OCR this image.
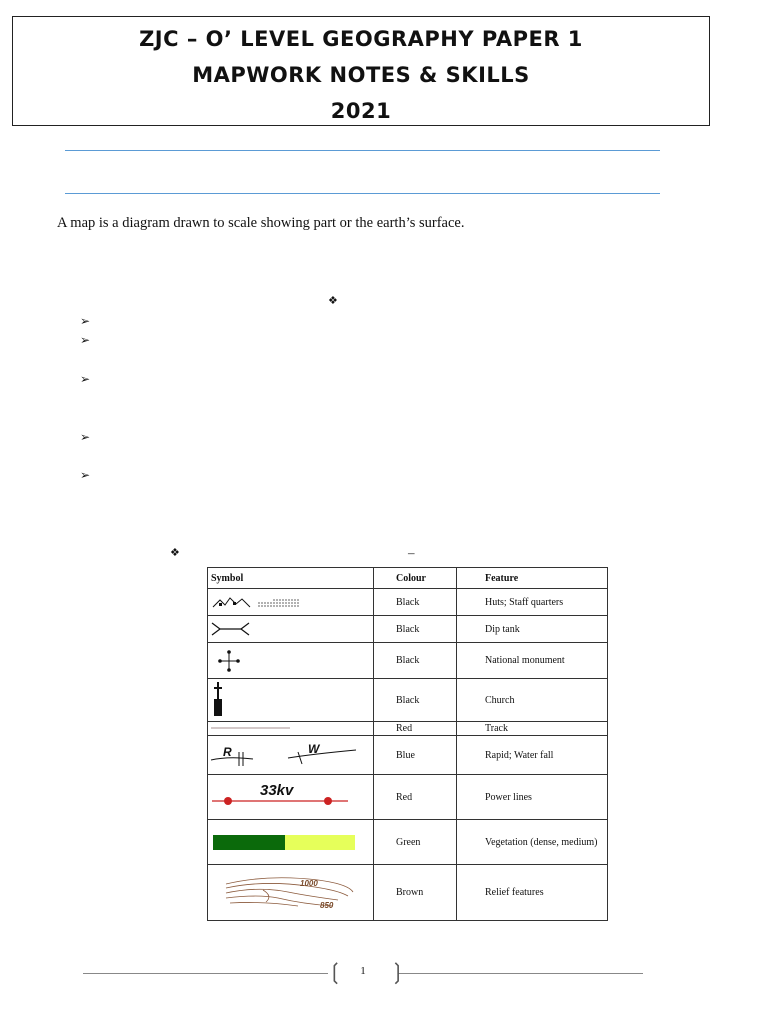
ZJC – O’ LEVEL GEOGRAPHY PAPER 1
MAPWORK NOTES & SKILLS
2021
A map is a diagram drawn to scale showing part or the earth’s surface.
❖
➢
➢
➢
➢
➢
❖	–
Symbol	Colour	Feature

	Black	Huts; Staff quarters

	Black	Dip tank

	Black	National monument

	Black	Church

	Red	Track

R W	Blue	Rapid; Water fall

33kv	Red	Power lines

	Green	Vegetation (dense, medium)

1000
850	Brown	Relief features
❲	1 ❳
